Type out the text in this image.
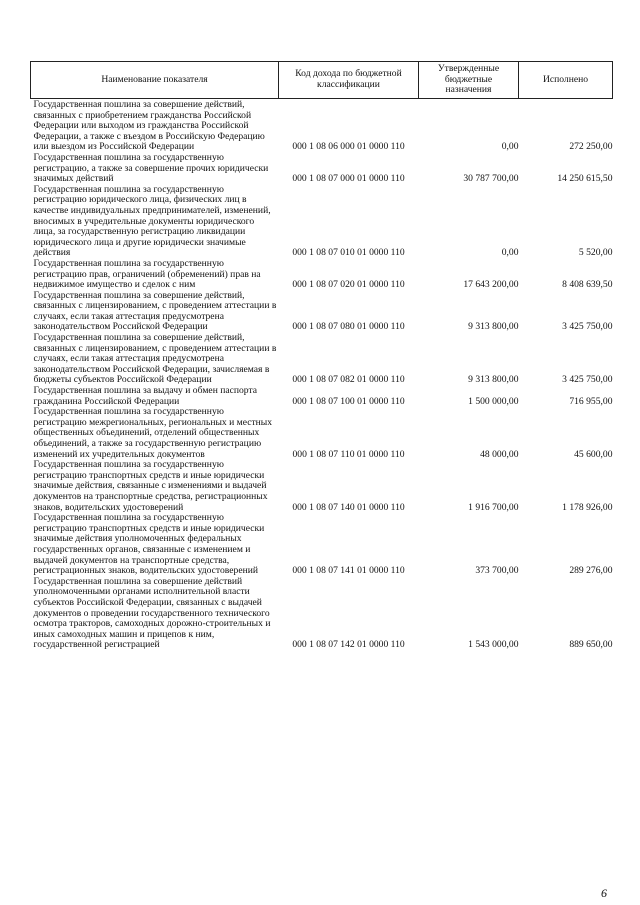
Наименование показателя	Код дохода по бюджетной классификации	Утвержденные бюджетные назначения	Исполнено
Государственная пошлина за совершение действий, связанных с приобретением гражданства Российской Федерации или выходом из гражданства Российской Федерации, а также с въездом в Российскую Федерацию или выездом из Российской Федерации	000 1 08 06 000 01 0000 110	0,00	272 250,00
Государственная пошлина за государственную регистрацию, а также за совершение прочих юридически значимых действий	000 1 08 07 000 01 0000 110	30 787 700,00	14 250 615,50
Государственная пошлина за государственную регистрацию юридического лица, физических лиц в качестве индивидуальных предпринимателей, изменений, вносимых в учредительные документы юридического лица, за государственную регистрацию ликвидации юридического лица и другие юридически значимые действия	000 1 08 07 010 01 0000 110	0,00	5 520,00
Государственная пошлина за государственную регистрацию прав, ограничений (обременений) прав на недвижимое имущество и сделок с ним	000 1 08 07 020 01 0000 110	17 643 200,00	8 408 639,50
Государственная пошлина за совершение действий, связанных с лицензированием, с проведением аттестации в случаях, если такая аттестация предусмотрена законодательством Российской Федерации	000 1 08 07 080 01 0000 110	9 313 800,00	3 425 750,00
Государственная пошлина за совершение действий, связанных с лицензированием, с проведением аттестации в случаях, если такая аттестация предусмотрена законодательством Российской Федерации, зачисляемая в бюджеты субъектов Российской Федерации	000 1 08 07 082 01 0000 110	9 313 800,00	3 425 750,00
Государственная пошлина за выдачу и обмен паспорта гражданина Российской Федерации	000 1 08 07 100 01 0000 110	1 500 000,00	716 955,00
Государственная пошлина за государственную регистрацию межрегиональных, региональных и местных общественных объединений, отделений общественных объединений, а также за государственную регистрацию изменений их учредительных документов	000 1 08 07 110 01 0000 110	48 000,00	45 600,00
Государственная пошлина за государственную регистрацию транспортных средств и иные юридически значимые действия, связанные с изменениями и выдачей документов на транспортные средства, регистрационных знаков, водительских удостоверений	000 1 08 07 140 01 0000 110	1 916 700,00	1 178 926,00
Государственная пошлина за государственную регистрацию транспортных средств и иные юридически значимые действия уполномоченных федеральных государственных органов, связанные с изменением и выдачей документов на транспортные средства, регистрационных знаков, водительских удостоверений	000 1 08 07 141 01 0000 110	373 700,00	289 276,00
Государственная пошлина за совершение действий уполномоченными органами исполнительной власти субъектов Российской Федерации, связанных с выдачей документов о проведении государственного технического осмотра тракторов, самоходных дорожно-строительных и иных самоходных машин и прицепов к ним, государственной регистрацией	000 1 08 07 142 01 0000 110	1 543 000,00	889 650,00
6
